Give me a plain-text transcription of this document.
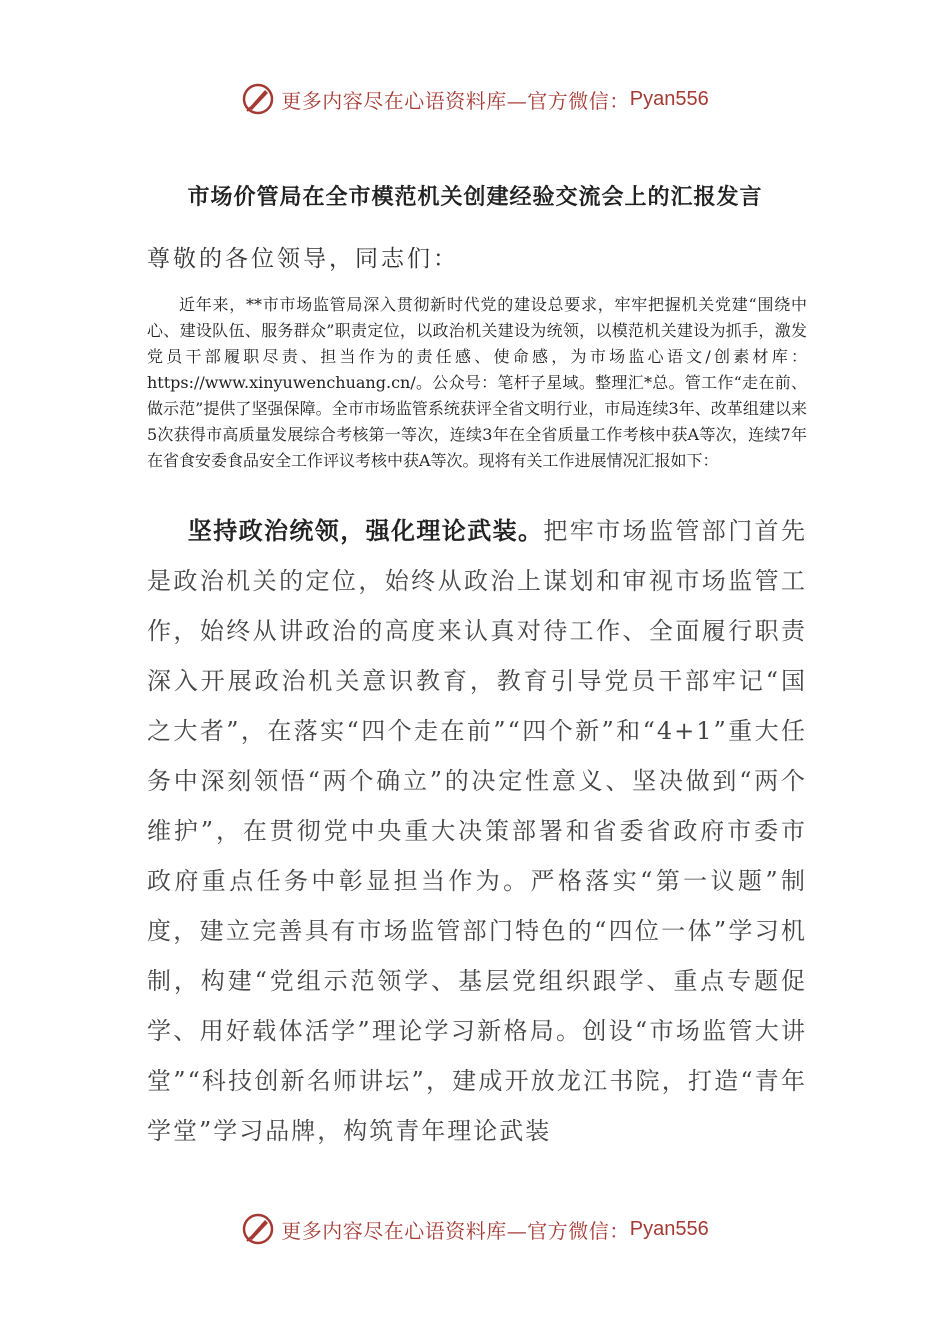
更多内容尽在心语资料库—官方微信： Pyan556
市场价管局在全市模范机关创建经验交流会上的汇报发言
尊敬的各位领导，同志们：
近年来，**市市场监管局深入贯彻新时代党的建设总要求，牢牢把握机关党建“围绕中心、建设队伍、服务群众”职责定位，以政治机关建设为统领，以模范机关建设为抓手，激发党员干部履职尽责、担当作为的责任感、使命感，为市场监心语文/创素材库：https://www.xinyuwenchuang.cn/。公众号：笔杆子星域。整理汇*总。管工作“走在前、做示范”提供了坚强保障。全市市场监管系统获评全省文明行业，市局连续3年、改革组建以来5次获得市高质量发展综合考核第一等次，连续3年在全省质量工作考核中获A等次，连续7年在省食安委食品安全工作评议考核中获A等次。现将有关工作进展情况汇报如下：
坚持政治统领，强化理论武装。把牢市场监管部门首先是政治机关的定位，始终从政治上谋划和审视市场监管工作，始终从讲政治的高度来认真对待工作、全面履行职责深入开展政治机关意识教育，教育引导党员干部牢记“国之大者”，在落实“四个走在前”“四个新”和“4+1”重大任务中深刻领悟“两个确立”的决定性意义、坚决做到“两个维护”，在贯彻党中央重大决策部署和省委省政府市委市政府重点任务中彰显担当作为。严格落实“第一议题”制度，建立完善具有市场监管部门特色的“四位一体”学习机制，构建“党组示范领学、基层党组织跟学、重点专题促学、用好载体活学”理论学习新格局。创设“市场监管大讲堂”“科技创新名师讲坛”，建成开放龙江书院，打造“青年学堂”学习品牌，构筑青年理论武装
更多内容尽在心语资料库—官方微信： Pyan556
